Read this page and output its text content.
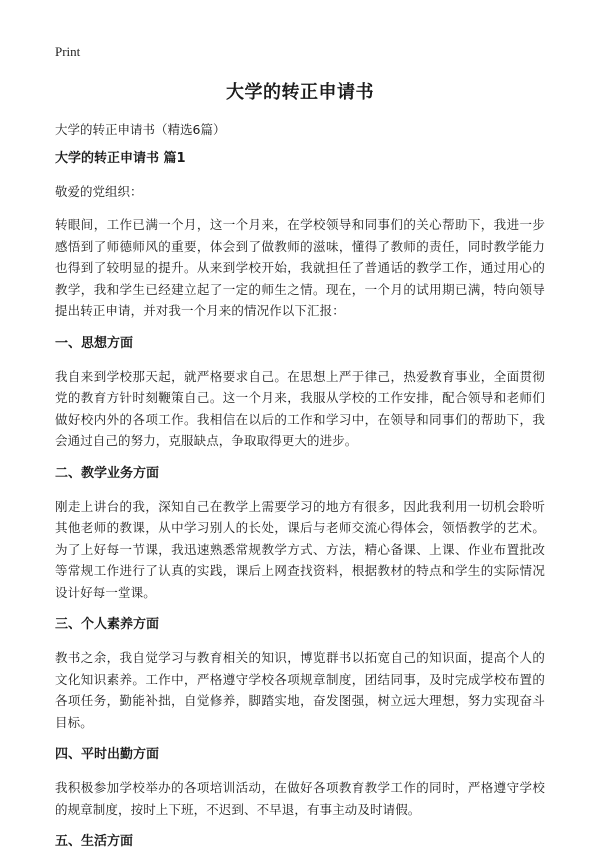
Print
大学的转正申请书

大学的转正申请书（精选6篇）

大学的转正申请书 篇1

敬爱的党组织：

转眼间，工作已满一个月，这一个月来，在学校领导和同事们的关心帮助下，我进一步感悟到了师德师风的重要，体会到了做教师的滋味，懂得了教师的责任，同时教学能力也得到了较明显的提升。从来到学校开始，我就担任了普通话的教学工作，通过用心的教学，我和学生已经建立起了一定的师生之情。现在，一个月的试用期已满，特向领导提出转正申请，并对我一个月来的情况作以下汇报：

一、思想方面

我自来到学校那天起，就严格要求自己。在思想上严于律己，热爱教育事业，全面贯彻党的教育方针时刻鞭策自己。这一个月来，我服从学校的工作安排，配合领导和老师们做好校内外的各项工作。我相信在以后的工作和学习中，在领导和同事们的帮助下，我会通过自己的努力，克服缺点，争取取得更大的进步。

二、教学业务方面

刚走上讲台的我，深知自己在教学上需要学习的地方有很多，因此我利用一切机会聆听其他老师的教课，从中学习别人的长处，课后与老师交流心得体会，领悟教学的艺术。为了上好每一节课，我迅速熟悉常规教学方式、方法，精心备课、上课、作业布置批改等常规工作进行了认真的实践，课后上网查找资料，根据教材的特点和学生的实际情况设计好每一堂课。

三、个人素养方面

教书之余，我自觉学习与教育相关的知识，博览群书以拓宽自己的知识面，提高个人的文化知识素养。工作中，严格遵守学校各项规章制度，团结同事，及时完成学校布置的各项任务，勤能补拙，自觉修养，脚踏实地，奋发图强，树立远大理想，努力实现奋斗目标。

四、平时出勤方面

我积极参加学校举办的各项培训活动，在做好各项教育教学工作的同时，严格遵守学校的规章制度，按时上下班，不迟到、不早退，有事主动及时请假。

五、生活方面
